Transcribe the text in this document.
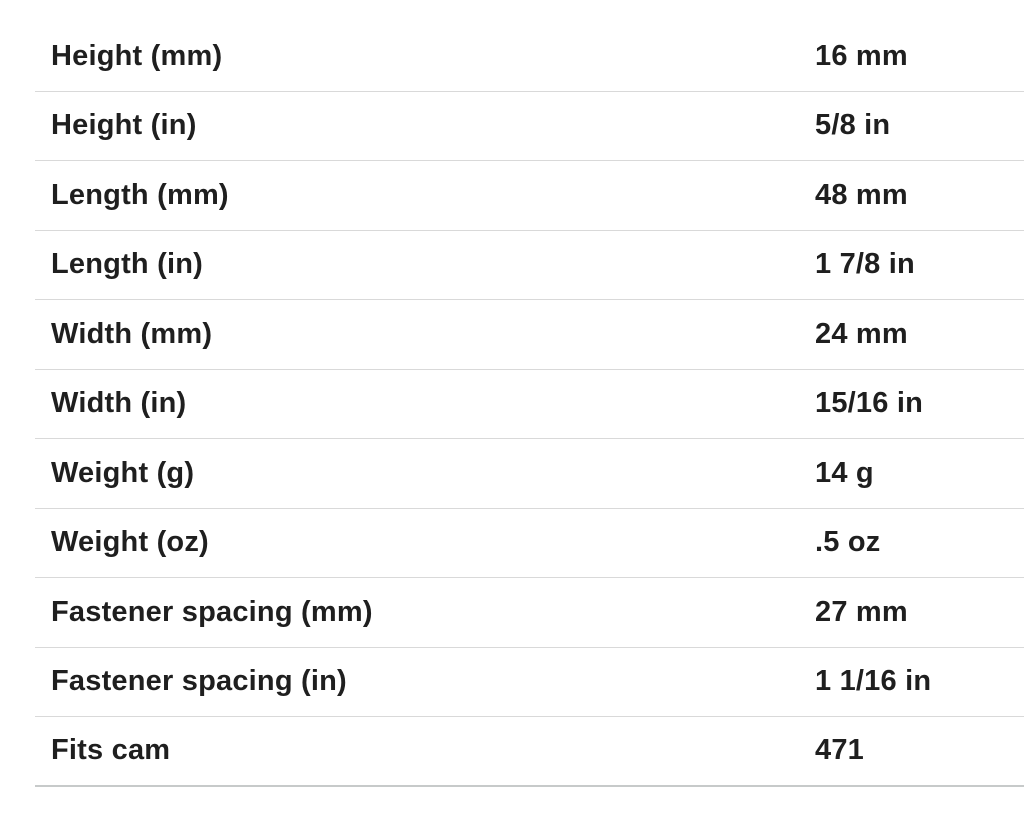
Height (mm)	16 mm
Height (in)	5/8 in
Length (mm)	48 mm
Length (in)	1 7/8 in
Width (mm)	24 mm
Width (in)	15/16 in
Weight (g)	14 g
Weight (oz)	.5 oz
Fastener spacing (mm)	27 mm
Fastener spacing (in)	1 1/16 in
Fits cam	471
